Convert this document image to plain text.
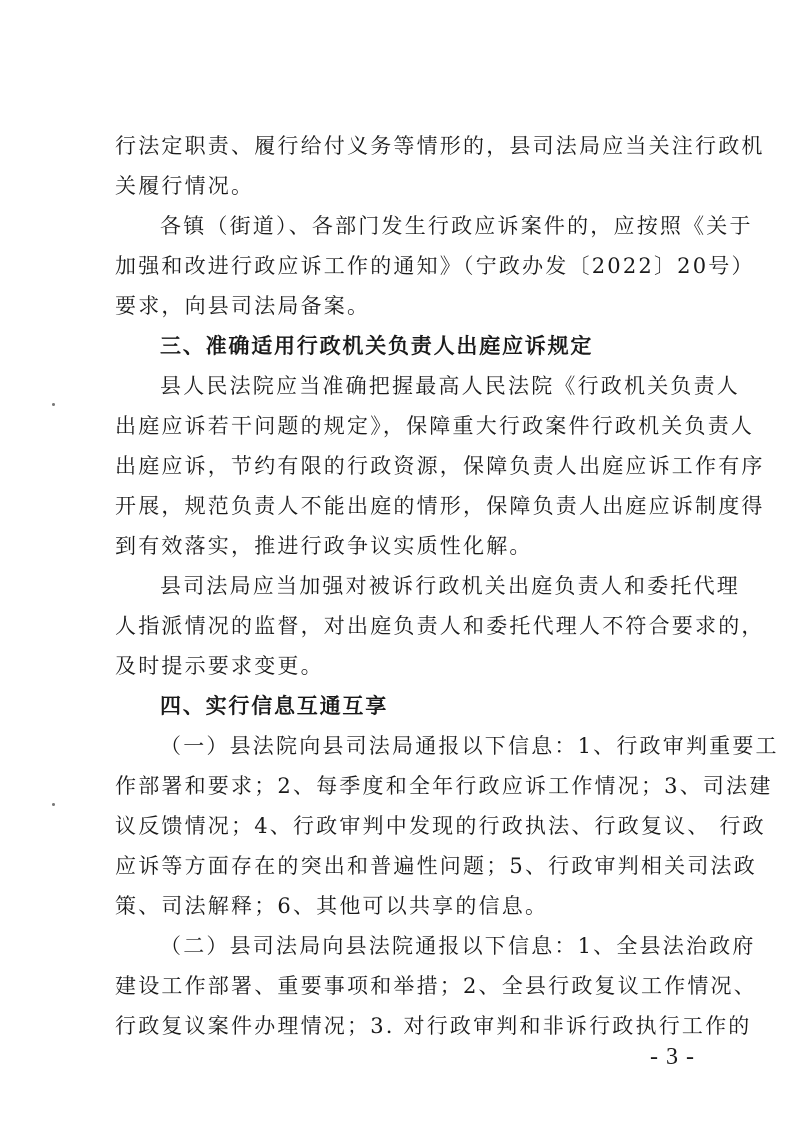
行法定职责、履行给付义务等情形的，县司法局应当关注行政机
关履行情况。
各镇（街道）、各部门发生行政应诉案件的，应按照《关于
加强和改进行政应诉工作的通知》（宁政办发〔2022〕20号）
要求，向县司法局备案。
三、准确适用行政机关负责人出庭应诉规定
县人民法院应当准确把握最高人民法院《行政机关负责人
出庭应诉若干问题的规定》，保障重大行政案件行政机关负责人
出庭应诉，节约有限的行政资源，保障负责人出庭应诉工作有序
开展，规范负责人不能出庭的情形，保障负责人出庭应诉制度得
到有效落实，推进行政争议实质性化解。
县司法局应当加强对被诉行政机关出庭负责人和委托代理
人指派情况的监督，对出庭负责人和委托代理人不符合要求的，
及时提示要求变更。
四、实行信息互通互享
（一）县法院向县司法局通报以下信息：1、行政审判重要工
作部署和要求；2、每季度和全年行政应诉工作情况；3、司法建
议反馈情况；4、行政审判中发现的行政执法、行政复议、 行政
应诉等方面存在的突出和普遍性问题；5、行政审判相关司法政
策、司法解释；6、其他可以共享的信息。
（二）县司法局向县法院通报以下信息：1、全县法治政府
建设工作部署、重要事项和举措；2、全县行政复议工作情况、
行政复议案件办理情况；3. 对行政审判和非诉行政执行工作的
- 3 -
